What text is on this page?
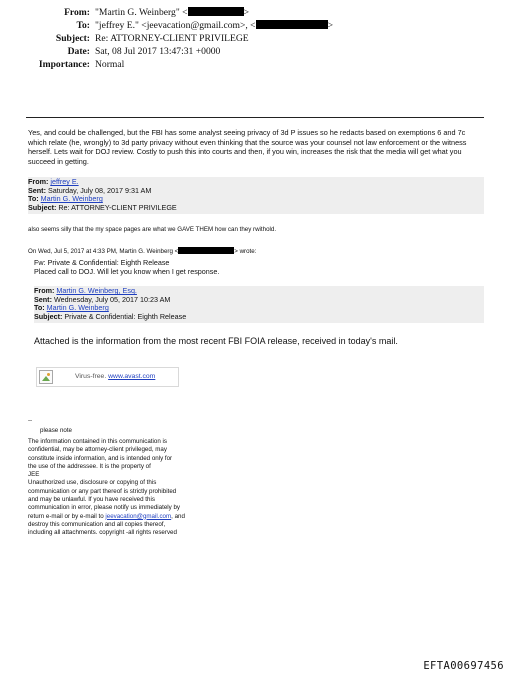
From: "Martin G. Weinberg" <	>
To: "jeffrey E." <jeevacation@gmail.com>, <	>
Subject: Re: ATTORNEY-CLIENT PRIVILEGE
Date: Sat, 08 Jul 2017 13:47:31 +0000
Importance: Normal
Yes, and could be challenged, but the FBI has some analyst seeing privacy of 3d P issues so he redacts based on exemptions 6 and 7c which relate (he, wrongly) to 3d party privacy without even thinking that the source was your counsel not law enforcement or the witness herself. Lets wait for DOJ review. Costly to push this into courts and then, if you win, increases the risk that the media will get what you succeed in getting.
From: jeffrey E.
Sent: Saturday, July 08, 2017 9:31 AM
To: Martin G. Weinberg
Subject: Re: ATTORNEY-CLIENT PRIVILEGE
also seems silly that the my space pages are what we GAVE THEM how can they rwithold.
On Wed, Jul 5, 2017 at 4:33 PM, Martin G. Weinberg <	> wrote:
Fw: Private & Confidential: Eighth Release
Placed call to DOJ. Will let you know when I get response.
From: Martin G. Weinberg, Esq.
Sent: Wednesday, July 05, 2017 10:23 AM
To: Martin G. Weinberg
Subject: Private & Confidential: Eighth Release
Attached is the information from the most recent FBI FOIA release, received in today's mail.
Virus-free. www.avast.com
--
please note
The information contained in this communication is
confidential, may be attorney-client privileged, may
constitute inside information, and is intended only for
the use of the addressee. It is the property of
JEE
Unauthorized use, disclosure or copying of this
communication or any part thereof is strictly prohibited
and may be unlawful. If you have received this
communication in error, please notify us immediately by
return e-mail or by e-mail to jeevacation@gmail.com, and
destroy this communication and all copies thereof,
including all attachments. copyright -all rights reserved
EFTA00697456
